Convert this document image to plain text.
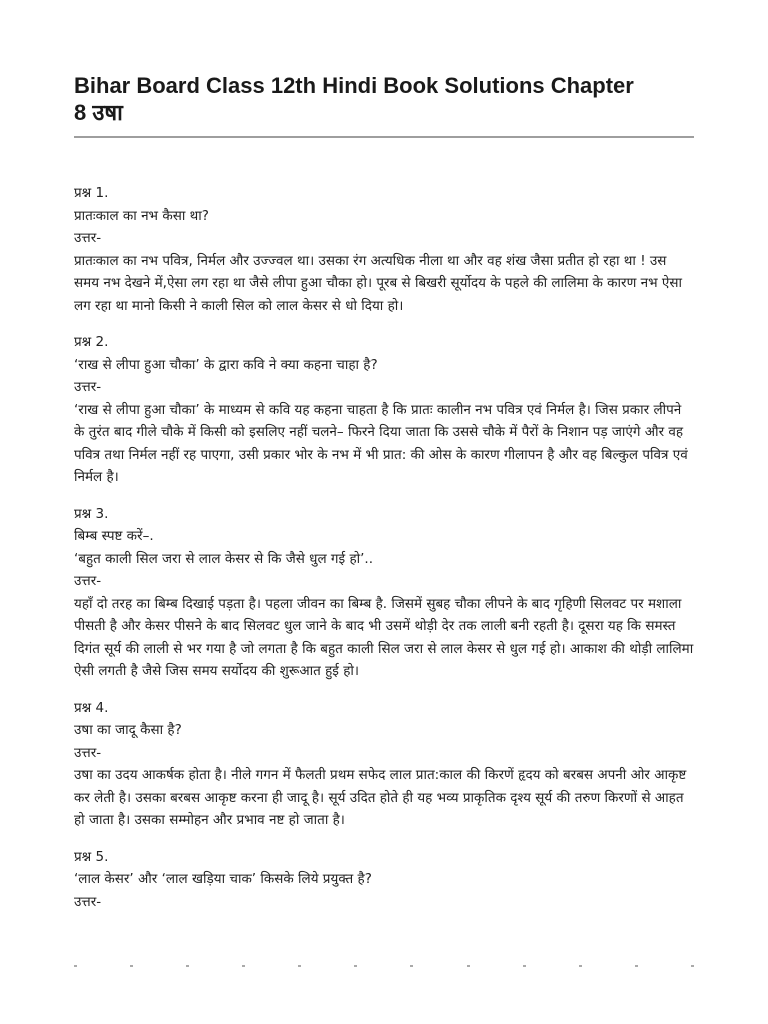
Bihar Board Class 12th Hindi Book Solutions Chapter
8 उषा
प्रश्न 1.
प्रातःकाल का नभ कैसा था?
उत्तर-
प्रातःकाल का नभ पवित्र, निर्मल और उज्ज्वल था। उसका रंग अत्यधिक नीला था और वह शंख जैसा प्रतीत हो रहा था ! उस समय नभ देखने में,ऐसा लग रहा था जैसे लीपा हुआ चौका हो। पूरब से बिखरी सूर्योदय के पहले की लालिमा के कारण नभ ऐसा लग रहा था मानो किसी ने काली सिल को लाल केसर से धो दिया हो।
प्रश्न 2.
‘राख से लीपा हुआ चौका’ के द्वारा कवि ने क्या कहना चाहा है?
उत्तर-
‘राख से लीपा हुआ चौका’ के माध्यम से कवि यह कहना चाहता है कि प्रातः कालीन नभ पवित्र एवं निर्मल है। जिस प्रकार लीपने के तुरंत बाद गीले चौके में किसी को इसलिए नहीं चलने– फिरने दिया जाता कि उससे चौके में पैरों के निशान पड़ जाएंगे और वह पवित्र तथा निर्मल नहीं रह पाएगा, उसी प्रकार भोर के नभ में भी प्रात: की ओस के कारण गीलापन है और वह बिल्कुल पवित्र एवं निर्मल है।
प्रश्न 3.
बिम्ब स्पष्ट करें–.
‘बहुत काली सिल जरा से लाल केसर से कि जैसे धुल गई हो’..
उत्तर-
यहाँ दो तरह का बिम्ब दिखाई पड़ता है। पहला जीवन का बिम्ब है. जिसमें सुबह चौका लीपने के बाद गृहिणी सिलवट पर मशाला पीसती है और केसर पीसने के बाद सिलवट धुल जाने के बाद भी उसमें थोड़ी देर तक लाली बनी रहती है। दूसरा यह कि समस्त दिगंत सूर्य की लाली से भर गया है जो लगता है कि बहुत काली सिल जरा से लाल केसर से धुल गई हो। आकाश की थोड़ी लालिमा ऐसी लगती है जैसे जिस समय सर्योदय की शुरूआत हुई हो।
प्रश्न 4.
उषा का जादू कैसा है?
उत्तर-
उषा का उदय आकर्षक होता है। नीले गगन में फैलती प्रथम सफेद लाल प्रात:काल की किरणें हृदय को बरबस अपनी ओर आकृष्ट कर लेती है। उसका बरबस आकृष्ट करना ही जादू है। सूर्य उदित होते ही यह भव्य प्राकृतिक दृश्य सूर्य की तरुण किरणों से आहत हो जाता है। उसका सम्मोहन और प्रभाव नष्ट हो जाता है।
प्रश्न 5.
‘लाल केसर’ और ‘लाल खड़िया चाक’ किसके लिये प्रयुक्त है?
उत्तर-
